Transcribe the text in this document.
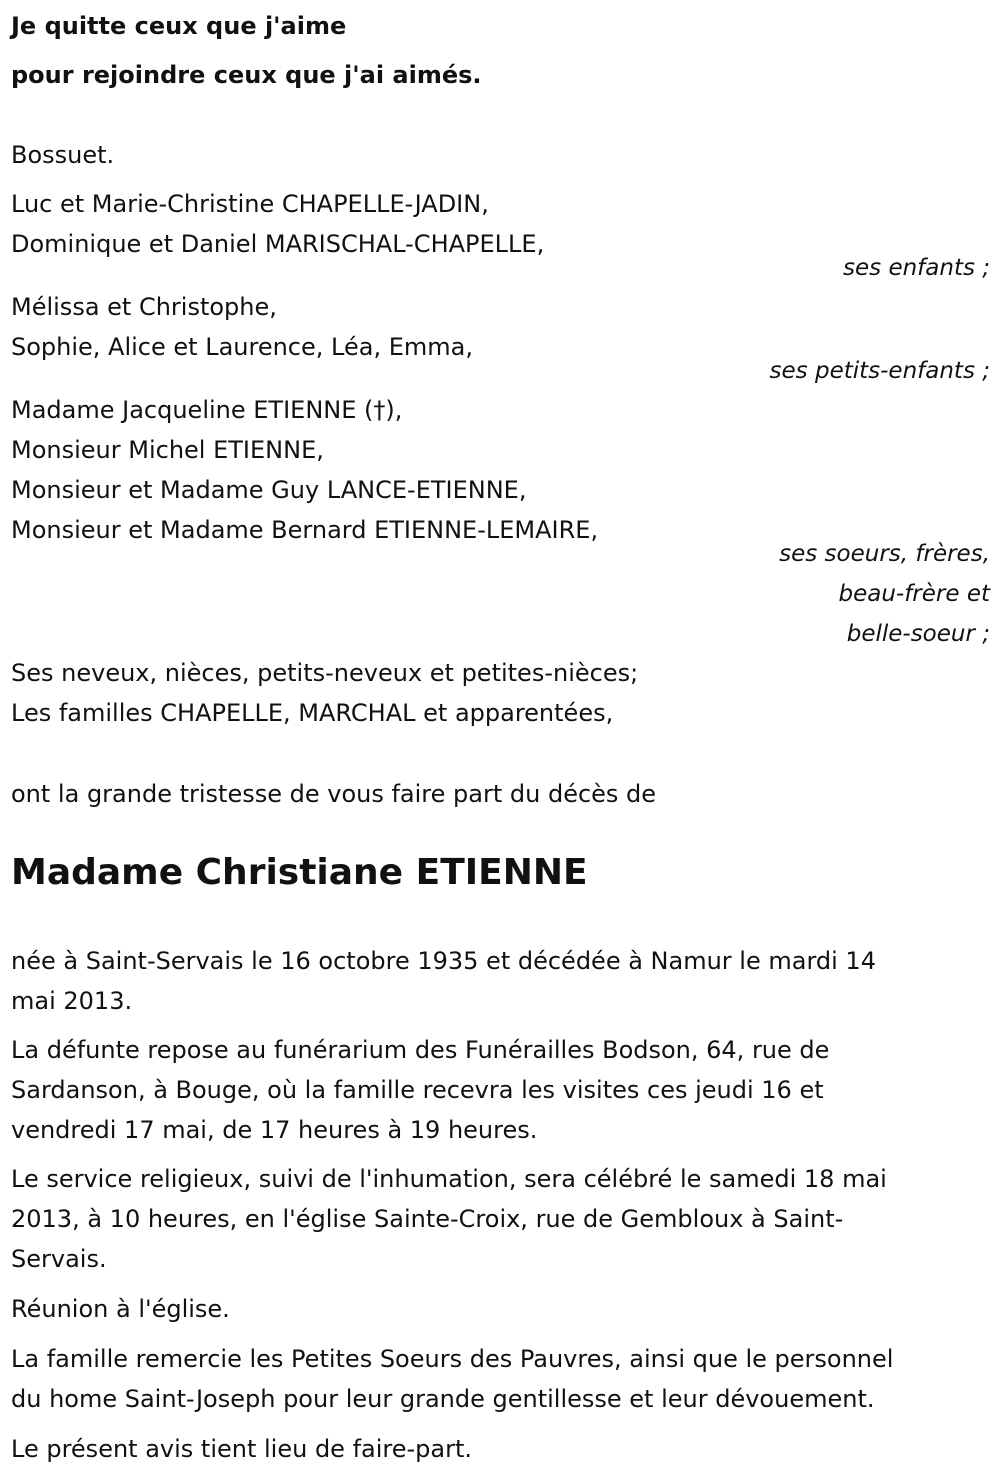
Je quitte ceux que j'aime

pour rejoindre ceux que j'ai aimés.

Bossuet.

Luc et Marie-Christine CHAPELLE-JADIN,

Dominique et Daniel MARISCHAL-CHAPELLE,

ses enfants ;

Mélissa et Christophe,

Sophie, Alice et Laurence, Léa, Emma,

ses petits-enfants ;

Madame Jacqueline ETIENNE (†),

Monsieur Michel ETIENNE,

Monsieur et Madame Guy LANCE-ETIENNE,

Monsieur et Madame Bernard ETIENNE-LEMAIRE,

ses soeurs, frères,

beau-frère et

belle-soeur ;

Ses neveux, nièces, petits-neveux et petites-nièces;

Les familles CHAPELLE, MARCHAL et apparentées,

ont la grande tristesse de vous faire part du décès de

Madame Christiane ETIENNE

née à Saint-Servais le 16 octobre 1935 et décédée à Namur le mardi 14

mai 2013.

La défunte repose au funérarium des Funérailles Bodson, 64, rue de

Sardanson, à Bouge, où la famille recevra les visites ces jeudi 16 et

vendredi 17 mai, de 17 heures à 19 heures.

Le service religieux, suivi de l'inhumation, sera célébré le samedi 18 mai

2013, à 10 heures, en l'église Sainte-Croix, rue de Gembloux à Saint-

Servais.

Réunion à l'église.

La famille remercie les Petites Soeurs des Pauvres, ainsi que le personnel

du home Saint-Joseph pour leur grande gentillesse et leur dévouement.

Le présent avis tient lieu de faire-part.
